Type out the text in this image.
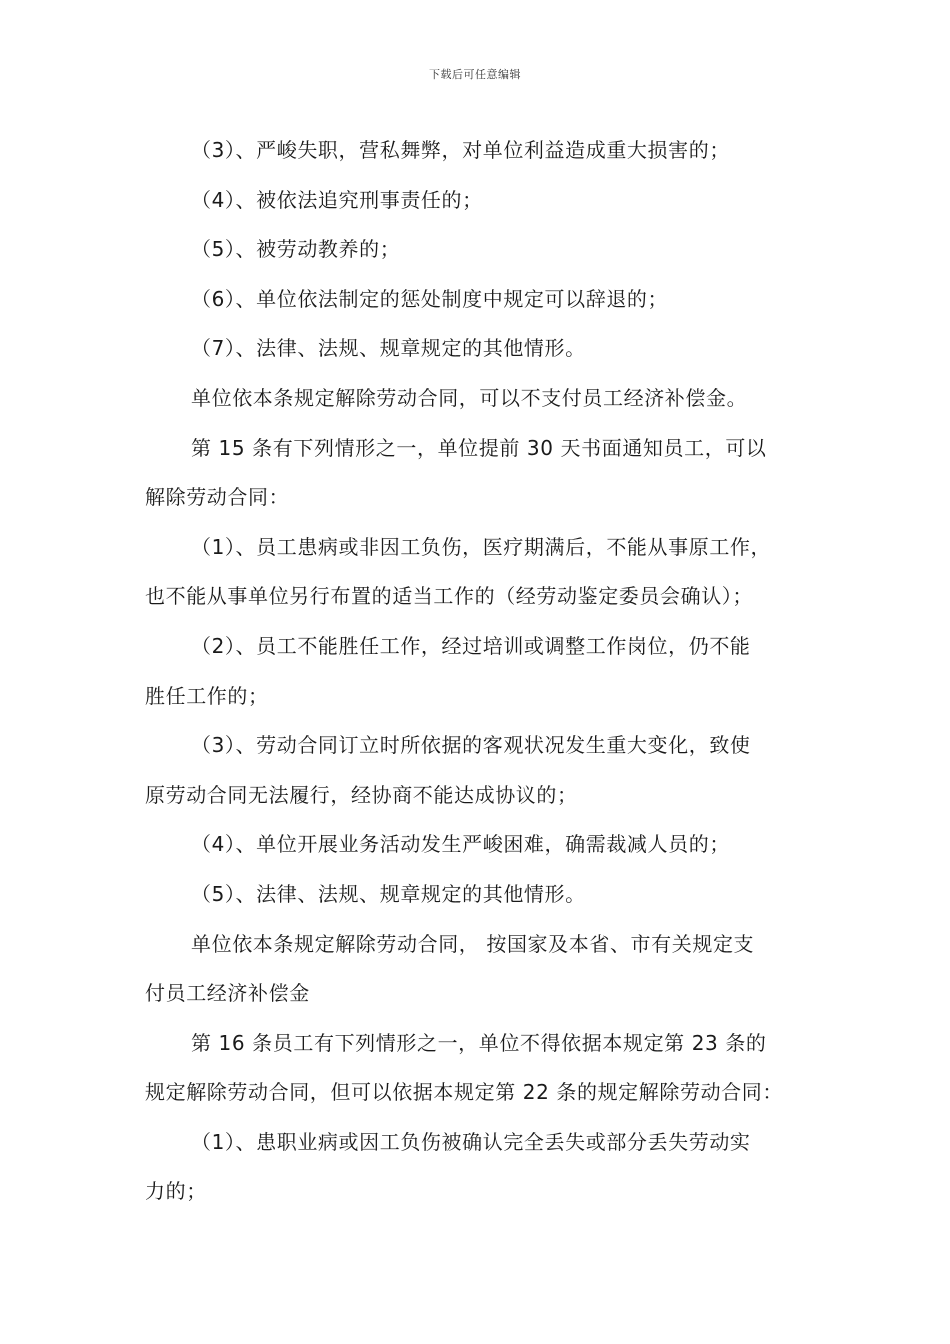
下载后可任意编辑
（3）、严峻失职，营私舞弊，对单位利益造成重大损害的；
（4）、被依法追究刑事责任的；
（5）、被劳动教养的；
（6）、单位依法制定的惩处制度中规定可以辞退的；
（7）、法律、法规、规章规定的其他情形。
单位依本条规定解除劳动合同，可以不支付员工经济补偿金。
第 15 条有下列情形之一，单位提前 30 天书面通知员工，可以
解除劳动合同：
（1）、员工患病或非因工负伤，医疗期满后，不能从事原工作，
也不能从事单位另行布置的适当工作的（经劳动鉴定委员会确认）；
（2）、员工不能胜任工作，经过培训或调整工作岗位，仍不能
胜任工作的；
（3）、劳动合同订立时所依据的客观状况发生重大变化，致使
原劳动合同无法履行，经协商不能达成协议的；
（4）、单位开展业务活动发生严峻困难，确需裁减人员的；
（5）、法律、法规、规章规定的其他情形。
单位依本条规定解除劳动合同， 按国家及本省、市有关规定支
付员工经济补偿金
第 16 条员工有下列情形之一，单位不得依据本规定第 23 条的
规定解除劳动合同，但可以依据本规定第 22 条的规定解除劳动合同：
（1）、患职业病或因工负伤被确认完全丢失或部分丢失劳动实
力的；
